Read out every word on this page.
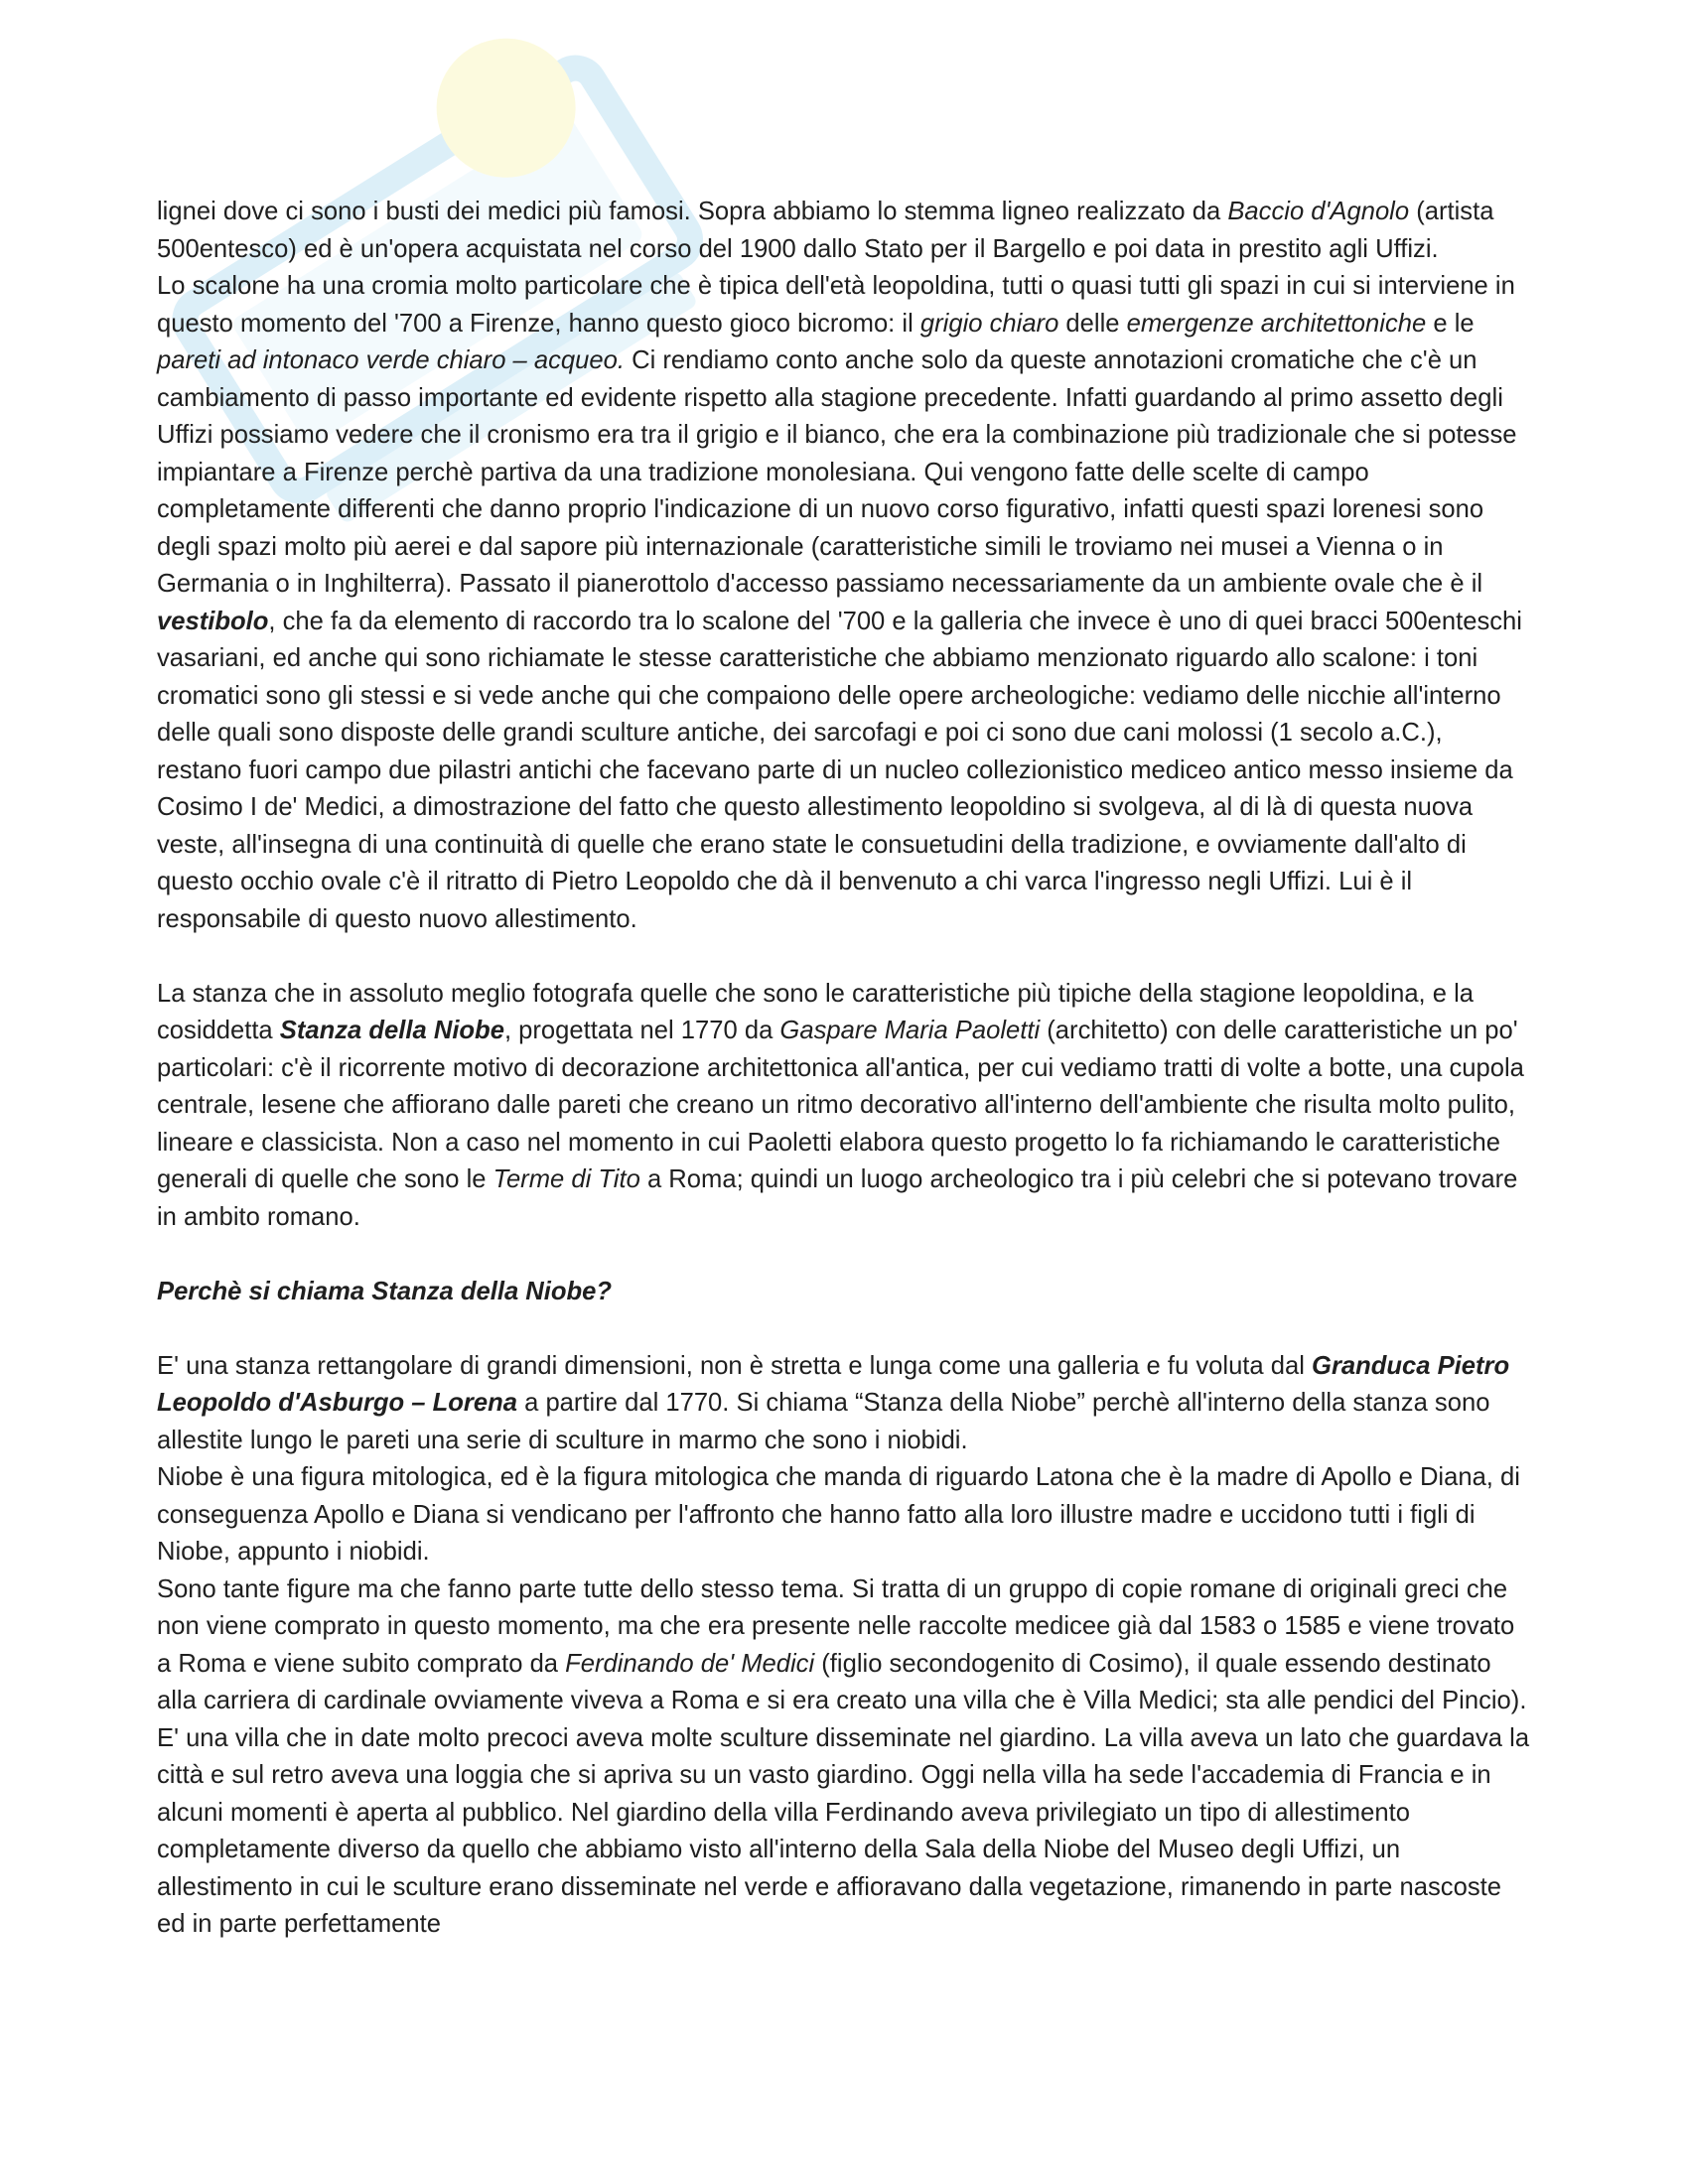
lignei dove ci sono i busti dei medici più famosi. Sopra abbiamo lo stemma ligneo realizzato da Baccio d'Agnolo (artista 500entesco) ed è un'opera acquistata nel corso del 1900 dallo Stato per il Bargello e poi data in prestito agli Uffizi.

Lo scalone ha una cromia molto particolare che è tipica dell'età leopoldina, tutti o quasi tutti gli spazi in cui si interviene in questo momento del '700 a Firenze, hanno questo gioco bicromo: il grigio chiaro delle emergenze architettoniche e le pareti ad intonaco verde chiaro – acqueo. Ci rendiamo conto anche solo da queste annotazioni cromatiche che c'è un cambiamento di passo importante ed evidente rispetto alla stagione precedente. Infatti guardando al primo assetto degli Uffizi possiamo vedere che il cronismo era tra il grigio e il bianco, che era la combinazione più tradizionale che si potesse impiantare a Firenze perchè partiva da una tradizione monolesiana. Qui vengono fatte delle scelte di campo completamente differenti che danno proprio l'indicazione di un nuovo corso figurativo, infatti questi spazi lorenesi sono degli spazi molto più aerei e dal sapore più internazionale (caratteristiche simili le troviamo nei musei a Vienna o in Germania o in Inghilterra). Passato il pianerottolo d'accesso passiamo necessariamente da un ambiente ovale che è il vestibolo, che fa da elemento di raccordo tra lo scalone del '700 e la galleria che invece è uno di quei bracci 500enteschi vasariani, ed anche qui sono richiamate le stesse caratteristiche che abbiamo menzionato riguardo allo scalone: i toni cromatici sono gli stessi e si vede anche qui che compaiono delle opere archeologiche: vediamo delle nicchie all'interno delle quali sono disposte delle grandi sculture antiche, dei sarcofagi e poi ci sono due cani molossi (1 secolo a.C.), restano fuori campo due pilastri antichi che facevano parte di un nucleo collezionistico mediceo antico messo insieme da Cosimo I de' Medici, a dimostrazione del fatto che questo allestimento leopoldino si svolgeva, al di là di questa nuova veste, all'insegna di una continuità di quelle che erano state le consuetudini della tradizione, e ovviamente dall'alto di questo occhio ovale c'è il ritratto di Pietro Leopoldo che dà il benvenuto a chi varca l'ingresso negli Uffizi. Lui è il responsabile di questo nuovo allestimento.

La stanza che in assoluto meglio fotografa quelle che sono le caratteristiche più tipiche della stagione leopoldina, e la cosiddetta Stanza della Niobe, progettata nel 1770 da Gaspare Maria Paoletti (architetto) con delle caratteristiche un po' particolari: c'è il ricorrente motivo di decorazione architettonica all'antica, per cui vediamo tratti di volte a botte, una cupola centrale, lesene che affiorano dalle pareti che creano un ritmo decorativo all'interno dell'ambiente che risulta molto pulito, lineare e classicista. Non a caso nel momento in cui Paoletti elabora questo progetto lo fa richiamando le caratteristiche generali di quelle che sono le Terme di Tito a Roma; quindi un luogo archeologico tra i più celebri che si potevano trovare in ambito romano.

Perchè si chiama Stanza della Niobe?

E' una stanza rettangolare di grandi dimensioni, non è stretta e lunga come una galleria e fu voluta dal Granduca Pietro Leopoldo d'Asburgo – Lorena a partire dal 1770. Si chiama “Stanza della Niobe” perchè all'interno della stanza sono allestite lungo le pareti una serie di sculture in marmo che sono i niobidi.

Niobe è una figura mitologica, ed è la figura mitologica che manda di riguardo Latona che è la madre di Apollo e Diana, di conseguenza Apollo e Diana si vendicano per l'affronto che hanno fatto alla loro illustre madre e uccidono tutti i figli di Niobe, appunto i niobidi.

Sono tante figure ma che fanno parte tutte dello stesso tema. Si tratta di un gruppo di copie romane di originali greci che non viene comprato in questo momento, ma che era presente nelle raccolte medicee già dal 1583 o 1585 e viene trovato a Roma e viene subito comprato da Ferdinando de' Medici (figlio secondogenito di Cosimo), il quale essendo destinato alla carriera di cardinale ovviamente viveva a Roma e si era creato una villa che è Villa Medici; sta alle pendici del Pincio). E' una villa che in date molto precoci aveva molte sculture disseminate nel giardino. La villa aveva un lato che guardava la città e sul retro aveva una loggia che si apriva su un vasto giardino. Oggi nella villa ha sede l'accademia di Francia e in alcuni momenti è aperta al pubblico. Nel giardino della villa Ferdinando aveva privilegiato un tipo di allestimento completamente diverso da quello che abbiamo visto all'interno della Sala della Niobe del Museo degli Uffizi, un allestimento in cui le sculture erano disseminate nel verde e affioravano dalla vegetazione, rimanendo in parte nascoste ed in parte perfettamente
